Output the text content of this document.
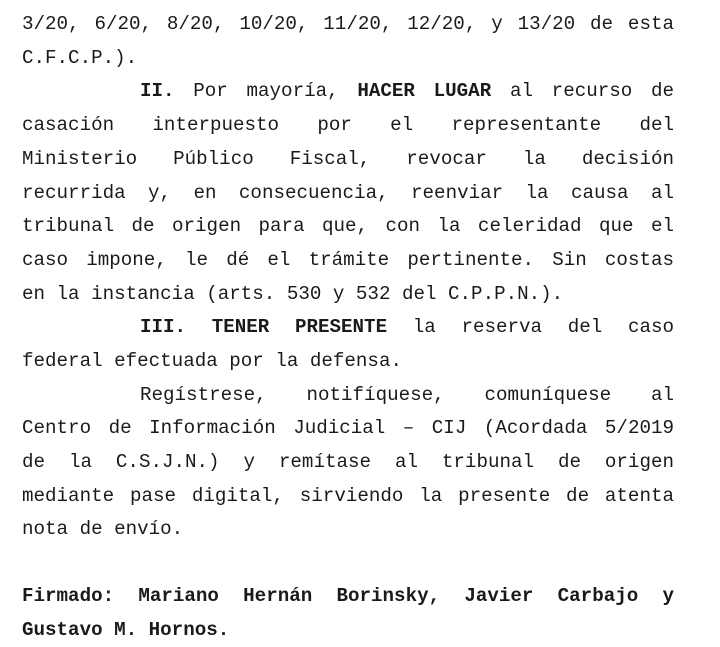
3/20, 6/20, 8/20, 10/20, 11/20, 12/20, y 13/20 de esta
C.F.C.P.).
II. Por mayoría, HACER LUGAR al recurso de
casación interpuesto por el representante del
Ministerio Público Fiscal, revocar la decisión
recurrida y, en consecuencia, reenviar la causa al
tribunal de origen para que, con la celeridad que el
caso impone, le dé el trámite pertinente. Sin costas
en la instancia (arts. 530 y 532 del C.P.P.N.).
III. TENER PRESENTE la reserva del caso
federal efectuada por la defensa.
Regístrese, notifíquese, comuníquese al
Centro de Información Judicial – CIJ (Acordada 5/2019
de la C.S.J.N.) y remítase al tribunal de origen
mediante pase digital, sirviendo la presente de atenta
nota de envío.
Firmado: Mariano Hernán Borinsky, Javier Carbajo y
Gustavo M. Hornos.
